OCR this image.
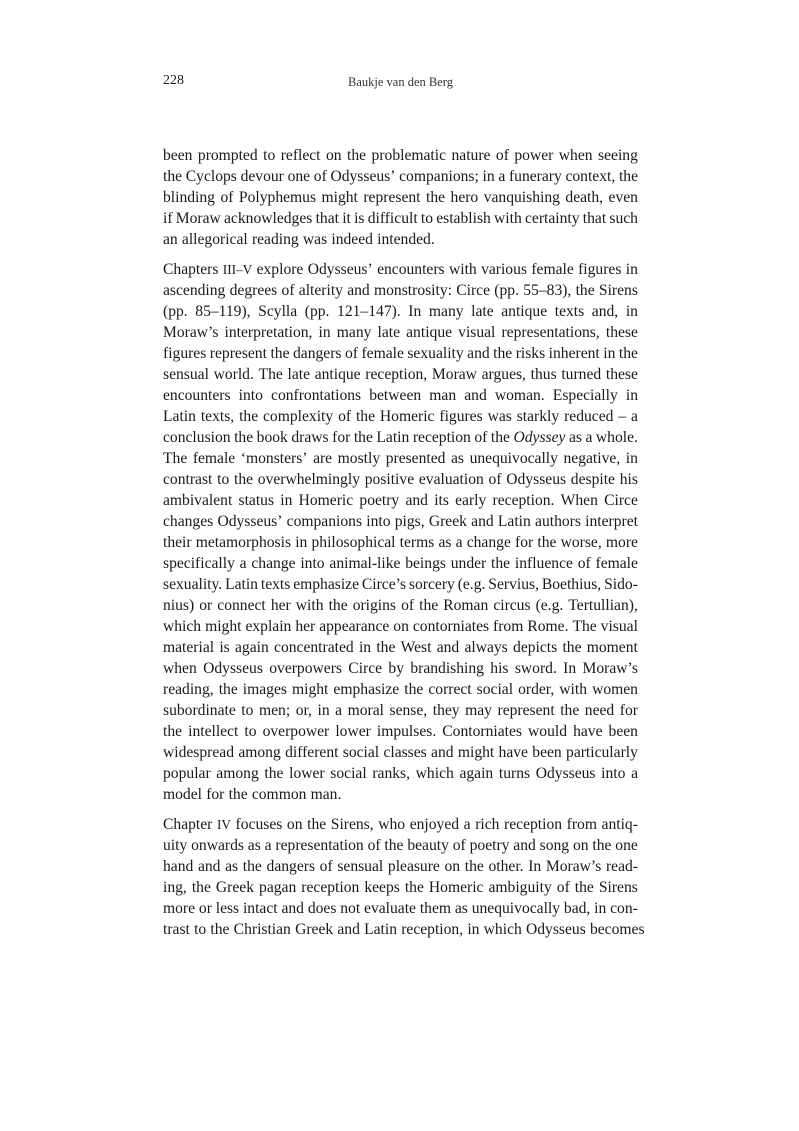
228	Baukje van den Berg
been prompted to reflect on the problematic nature of power when seeing
the Cyclops devour one of Odysseus’ companions; in a funerary context, the
blinding of Polyphemus might represent the hero vanquishing death, even
if Moraw acknowledges that it is difficult to establish with certainty that such
an allegorical reading was indeed intended.
Chapters III–V explore Odysseus’ encounters with various female figures in
ascending degrees of alterity and monstrosity: Circe (pp. 55–83), the Sirens
(pp. 85–119), Scylla (pp. 121–147). In many late antique texts and, in
Moraw’s interpretation, in many late antique visual representations, these
figures represent the dangers of female sexuality and the risks inherent in the
sensual world. The late antique reception, Moraw argues, thus turned these
encounters into confrontations between man and woman. Especially in
Latin texts, the complexity of the Homeric figures was starkly reduced – a
conclusion the book draws for the Latin reception of the Odyssey as a whole.
The female ‘monsters’ are mostly presented as unequivocally negative, in
contrast to the overwhelmingly positive evaluation of Odysseus despite his
ambivalent status in Homeric poetry and its early reception. When Circe
changes Odysseus’ companions into pigs, Greek and Latin authors interpret
their metamorphosis in philosophical terms as a change for the worse, more
specifically a change into animal-like beings under the influence of female
sexuality. Latin texts emphasize Circe’s sorcery (e.g. Servius, Boethius, Sido-
nius) or connect her with the origins of the Roman circus (e.g. Tertullian),
which might explain her appearance on contorniates from Rome. The visual
material is again concentrated in the West and always depicts the moment
when Odysseus overpowers Circe by brandishing his sword. In Moraw’s
reading, the images might emphasize the correct social order, with women
subordinate to men; or, in a moral sense, they may represent the need for
the intellect to overpower lower impulses. Contorniates would have been
widespread among different social classes and might have been particularly
popular among the lower social ranks, which again turns Odysseus into a
model for the common man.
Chapter IV focuses on the Sirens, who enjoyed a rich reception from antiq-
uity onwards as a representation of the beauty of poetry and song on the one
hand and as the dangers of sensual pleasure on the other. In Moraw’s read-
ing, the Greek pagan reception keeps the Homeric ambiguity of the Sirens
more or less intact and does not evaluate them as unequivocally bad, in con-
trast to the Christian Greek and Latin reception, in which Odysseus becomes
